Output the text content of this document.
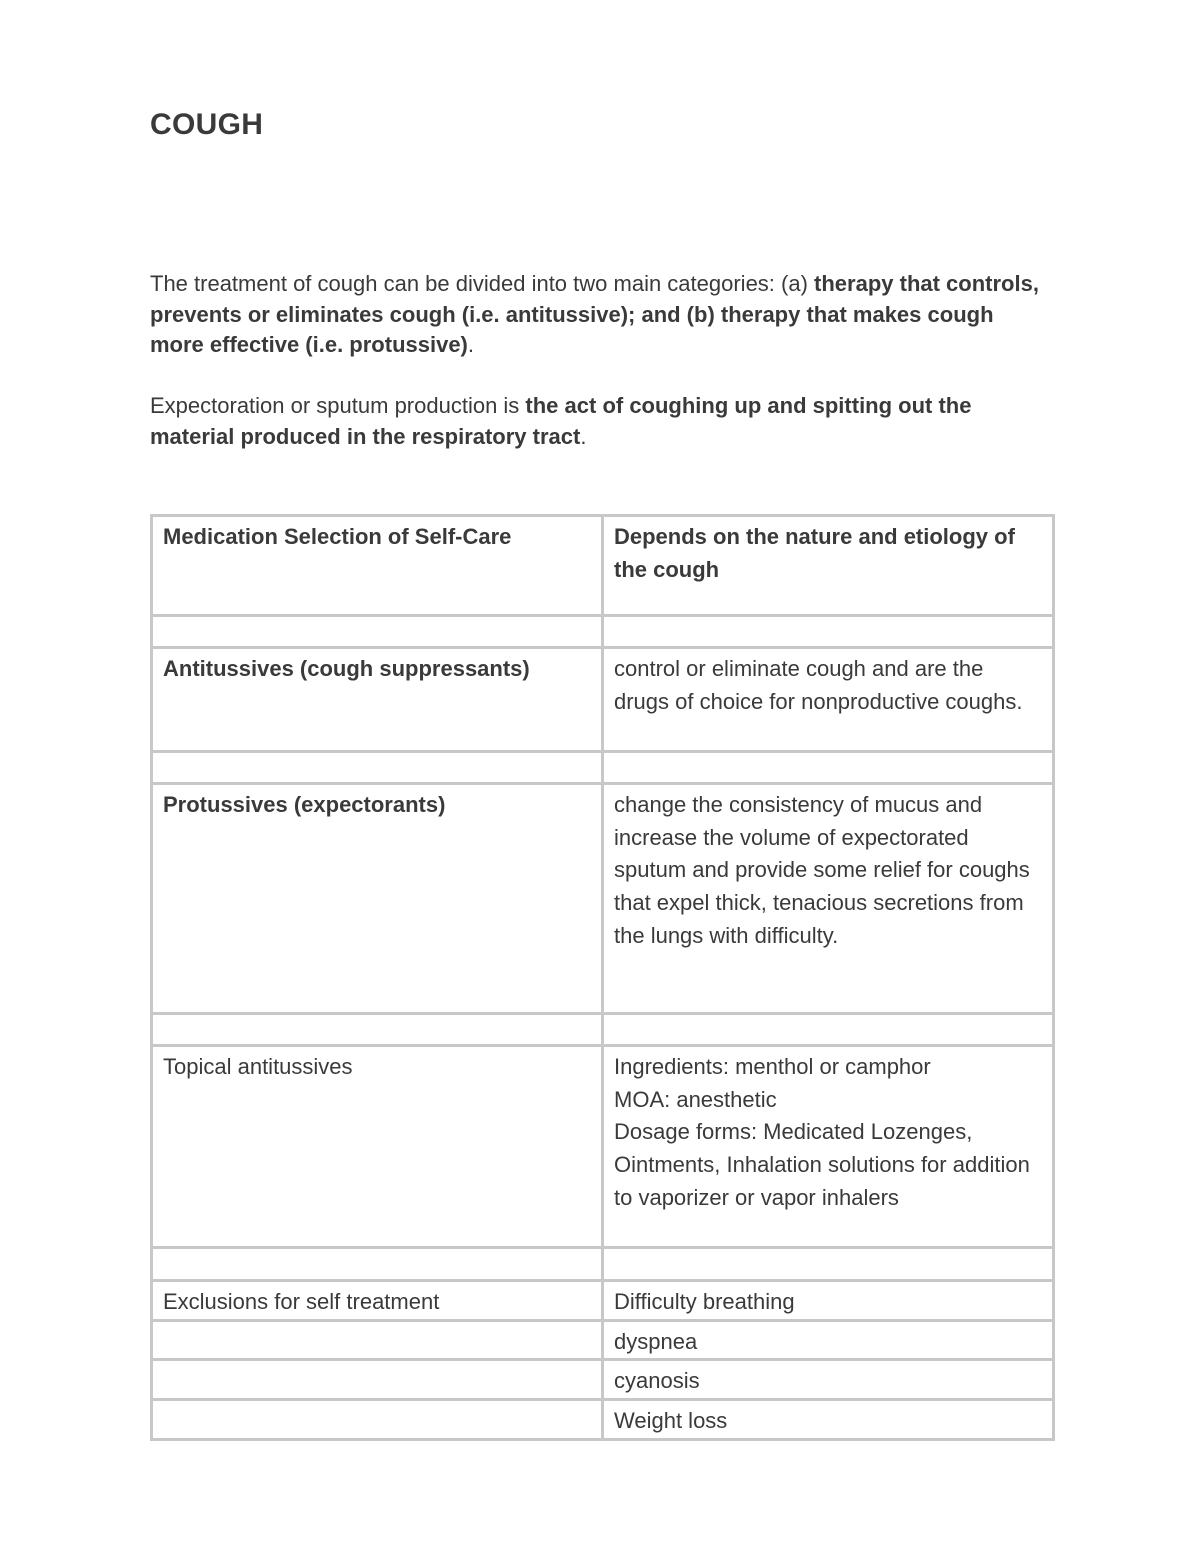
COUGH

The treatment of cough can be divided into two main categories: (a) therapy that controls, prevents or eliminates cough (i.e. antitussive); and (b) therapy that makes cough more effective (i.e. protussive).

Expectoration or sputum production is the act of coughing up and spitting out the material produced in the respiratory tract.

Medication Selection of Self-Care	Depends on the nature and etiology of the cough

Antitussives (cough suppressants)	control or eliminate cough and are the drugs of choice for nonproductive coughs.

Protussives (expectorants)	change the consistency of mucus and increase the volume of expectorated sputum and provide some relief for coughs that expel thick, tenacious secretions from the lungs with difficulty.

Topical antitussives	Ingredients: menthol or camphor
MOA: anesthetic
Dosage forms: Medicated Lozenges, Ointments, Inhalation solutions for addition to vaporizer or vapor inhalers

Exclusions for self treatment	Difficulty breathing
	dyspnea
	cyanosis
	Weight loss
